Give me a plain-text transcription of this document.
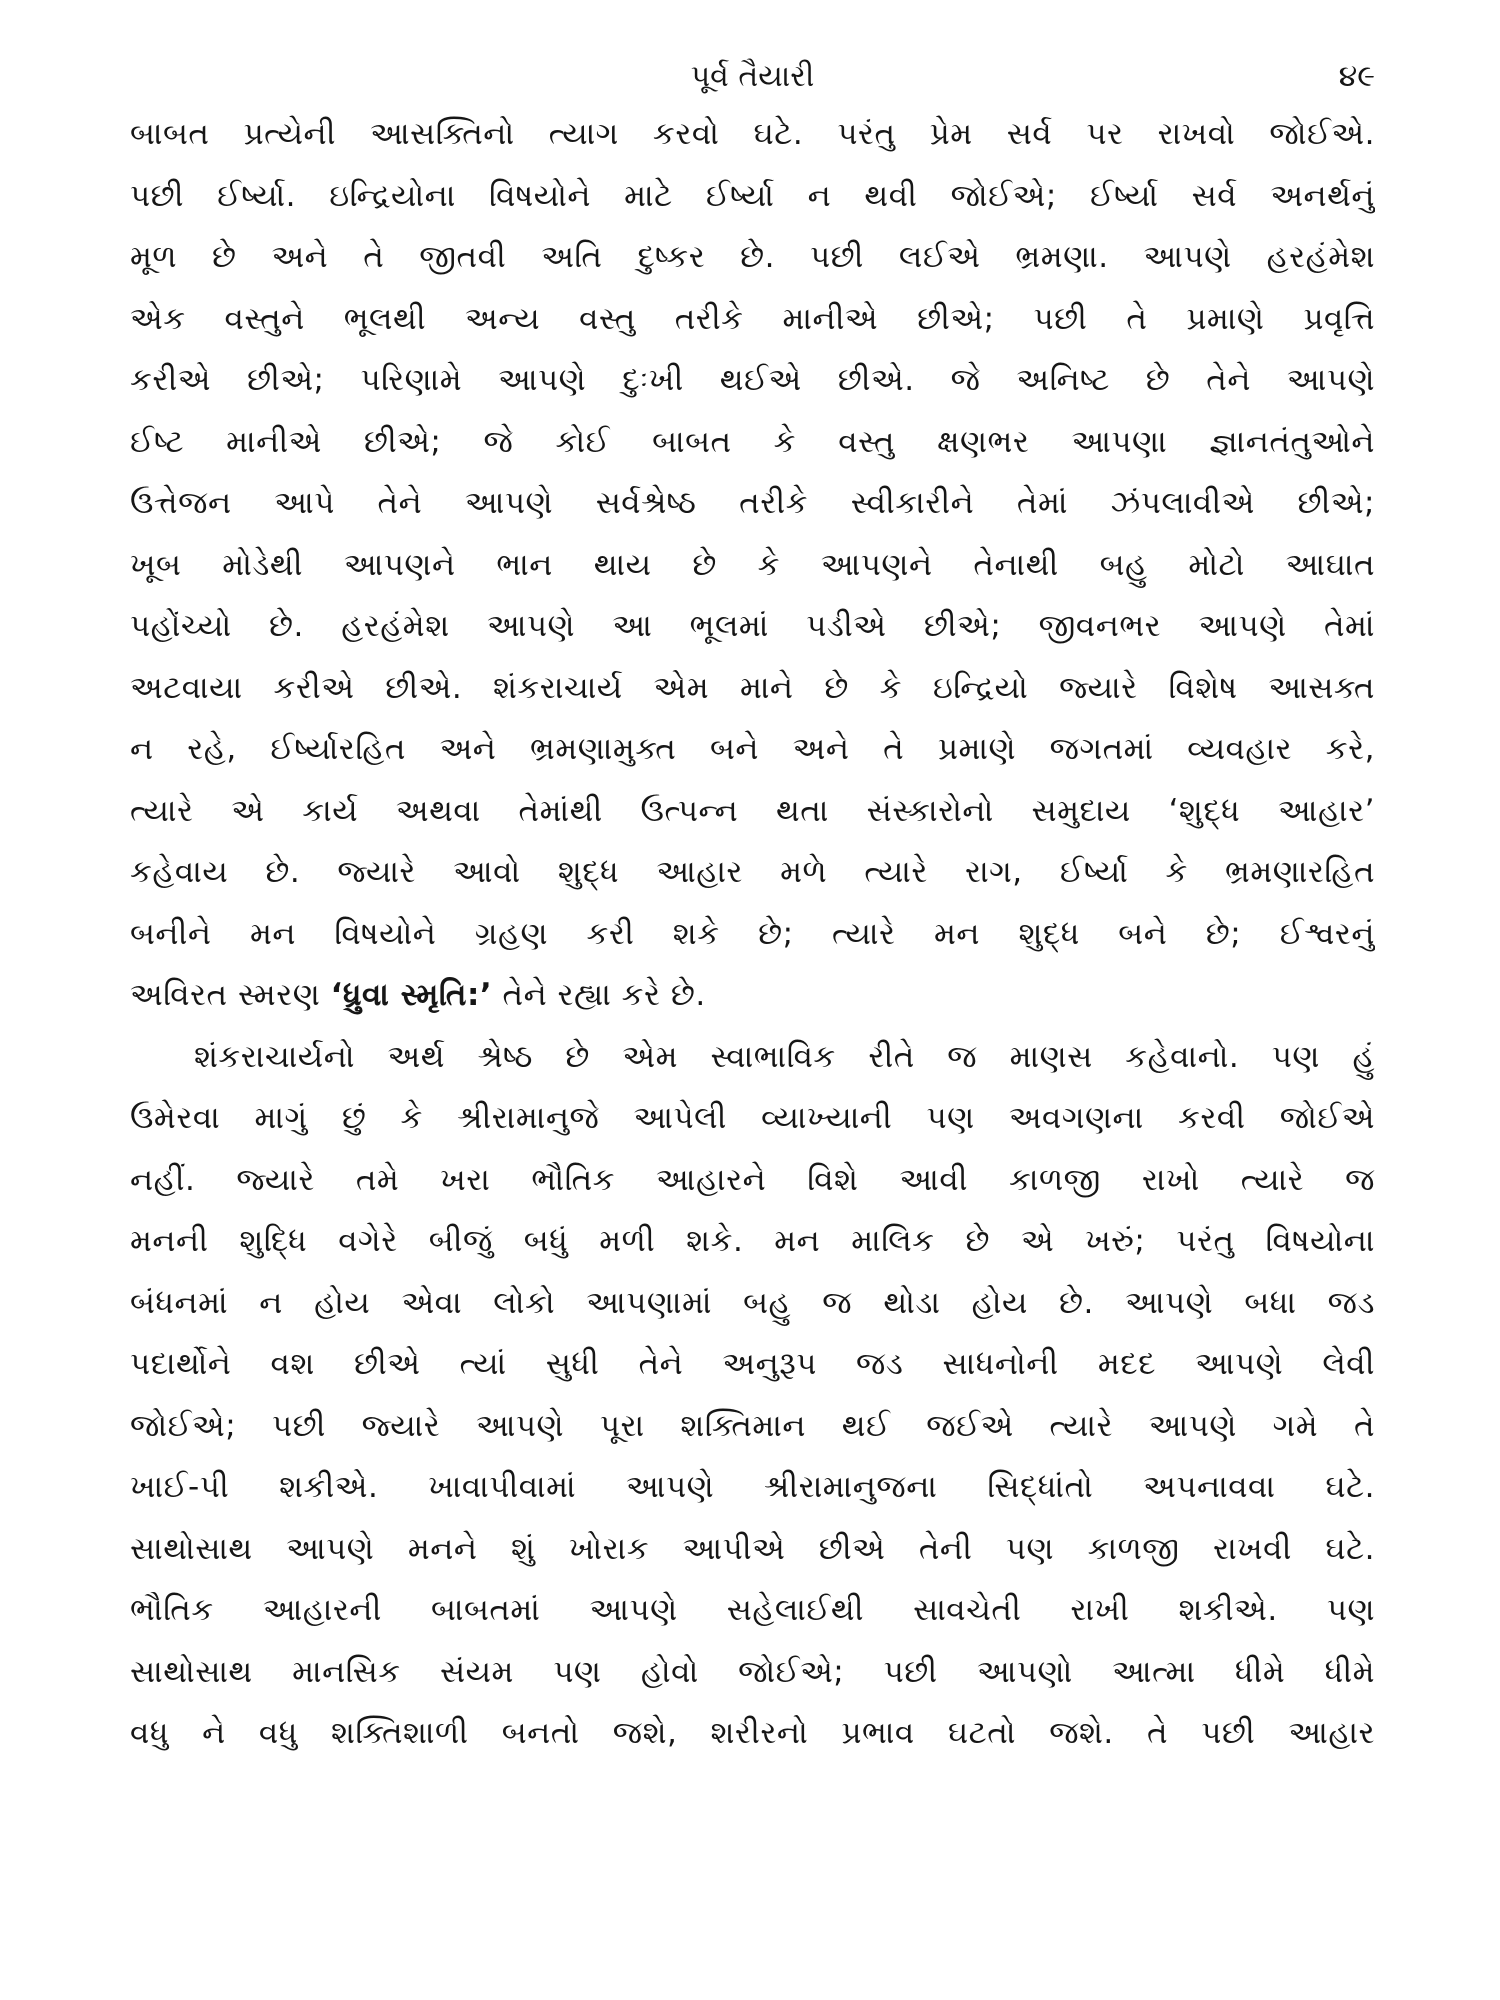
પૂર્વ તૈયારી	૪૯
બાબત પ્રત્યેની આસક્તિનો ત્યાગ કરવો ઘટે. પરંતુ પ્રેમ સર્વ પર રાખવો જોઈએ.
પછી ઈર્ષ્યા. ઇન્દ્રિયોના વિષયોને માટે ઈર્ષ્યા ન થવી જોઈએ; ઈર્ષ્યા સર્વ અનર્થનું
મૂળ છે અને તે જીતવી અતિ દુષ્કર છે. પછી લઈએ ભ્રમણા. આપણે હરહંમેશ
એક વસ્તુને ભૂલથી અન્ય વસ્તુ તરીકે માનીએ છીએ; પછી તે પ્રમાણે પ્રવૃત્તિ
કરીએ છીએ; પરિણામે આપણે દુઃખી થઈએ છીએ. જે અનિષ્ટ છે તેને આપણે
ઈષ્ટ માનીએ છીએ; જે કોઈ બાબત કે વસ્તુ ક્ષણભર આપણા જ્ઞાનતંતુઓને
ઉત્તેજન આપે તેને આપણે સર્વશ્રેષ્ઠ તરીકે સ્વીકારીને તેમાં ઝંપલાવીએ છીએ;
ખૂબ મોડેથી આપણને ભાન થાય છે કે આપણને તેનાથી બહુ મોટો આઘાત
પહોંચ્યો છે. હરહંમેશ આપણે આ ભૂલમાં પડીએ છીએ; જીવનભર આપણે તેમાં
અટવાયા કરીએ છીએ. શંકરાચાર્ય એમ માને છે કે ઇન્દ્રિયો જ્યારે વિશેષ આસક્ત
ન રહે, ઈર્ષ્યારહિત અને ભ્રમણામુક્ત બને અને તે પ્રમાણે જગતમાં વ્યવહાર કરે,
ત્યારે એ કાર્ય અથવા તેમાંથી ઉત્પન્ન થતા સંસ્કારોનો સમુદાય ‘શુદ્ધ આહાર’
કહેવાય છે. જ્યારે આવો શુદ્ધ આહાર મળે ત્યારે રાગ, ઈર્ષ્યા કે ભ્રમણારહિત
બનીને મન વિષયોને ગ્રહણ કરી શકે છે; ત્યારે મન શુદ્ધ બને છે; ઈશ્વરનું
અવિરત સ્મરણ ‘ધ્રુવા સ્મૃતિ:’ તેને રહ્યા કરે છે.
શંકરાચાર્યનો અર્થ શ્રેષ્ઠ છે એમ સ્વાભાવિક રીતે જ માણસ કહેવાનો. પણ હું
ઉમેરવા માગું છું કે શ્રીરામાનુજે આપેલી વ્યાખ્યાની પણ અવગણના કરવી જોઈએ
નહીં. જ્યારે તમે ખરા ભૌતિક આહારને વિશે આવી કાળજી રાખો ત્યારે જ
મનની શુદ્ધિ વગેરે બીજું બધું મળી શકે. મન માલિક છે એ ખરું; પરંતુ વિષયોના
બંધનમાં ન હોય એવા લોકો આપણામાં બહુ જ થોડા હોય છે. આપણે બધા જડ
પદાર્થોને વશ છીએ ત્યાં સુધી તેને અનુરૂપ જડ સાધનોની મદદ આપણે લેવી
જોઈએ; પછી જ્યારે આપણે પૂરા શક્તિમાન થઈ જઈએ ત્યારે આપણે ગમે તે
ખાઈ-પી શકીએ. ખાવાપીવામાં આપણે શ્રીરામાનુજના સિદ્ધાંતો અપનાવવા ઘટે.
સાથોસાથ આપણે મનને શું ખોરાક આપીએ છીએ તેની પણ કાળજી રાખવી ઘટે.
ભૌતિક આહારની બાબતમાં આપણે સહેલાઈથી સાવચેતી રાખી શકીએ. પણ
સાથોસાથ માનસિક સંયમ પણ હોવો જોઈએ; પછી આપણો આત્મા ધીમે ધીમે
વધુ ને વધુ શક્તિશાળી બનતો જશે, શરીરનો પ્રભાવ ઘટતો જશે. તે પછી આહાર
